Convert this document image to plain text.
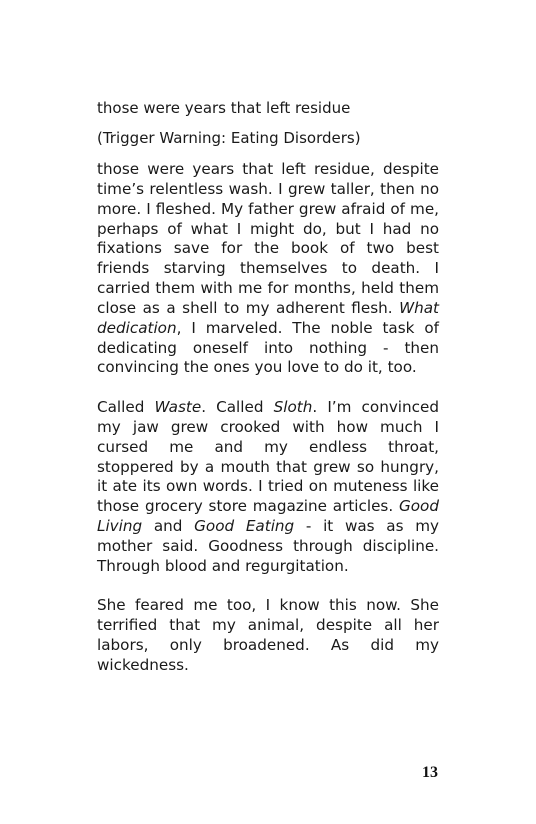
those were years that left residue
(Trigger Warning: Eating Disorders)

those were years that left residue, despite time’s relentless wash. I grew taller, then no more. I fleshed. My father grew afraid of me, perhaps of what I might do, but I had no fixations save for the book of two best friends starving themselves to death. I carried them with me for months, held them close as a shell to my adherent flesh. What dedication, I marveled. The noble task of dedicating oneself into nothing - then convincing the ones you love to do it, too.

Called Waste. Called Sloth. I’m convinced my jaw grew crooked with how much I cursed me and my endless throat, stoppered by a mouth that grew so hungry, it ate its own words. I tried on muteness like those grocery store magazine articles. Good Living and Good Eating - it was as my mother said. Goodness through discipline. Through blood and regurgitation.

She feared me too, I know this now. She terrified that my animal, despite all her labors, only broadened. As did my wickedness.

13
